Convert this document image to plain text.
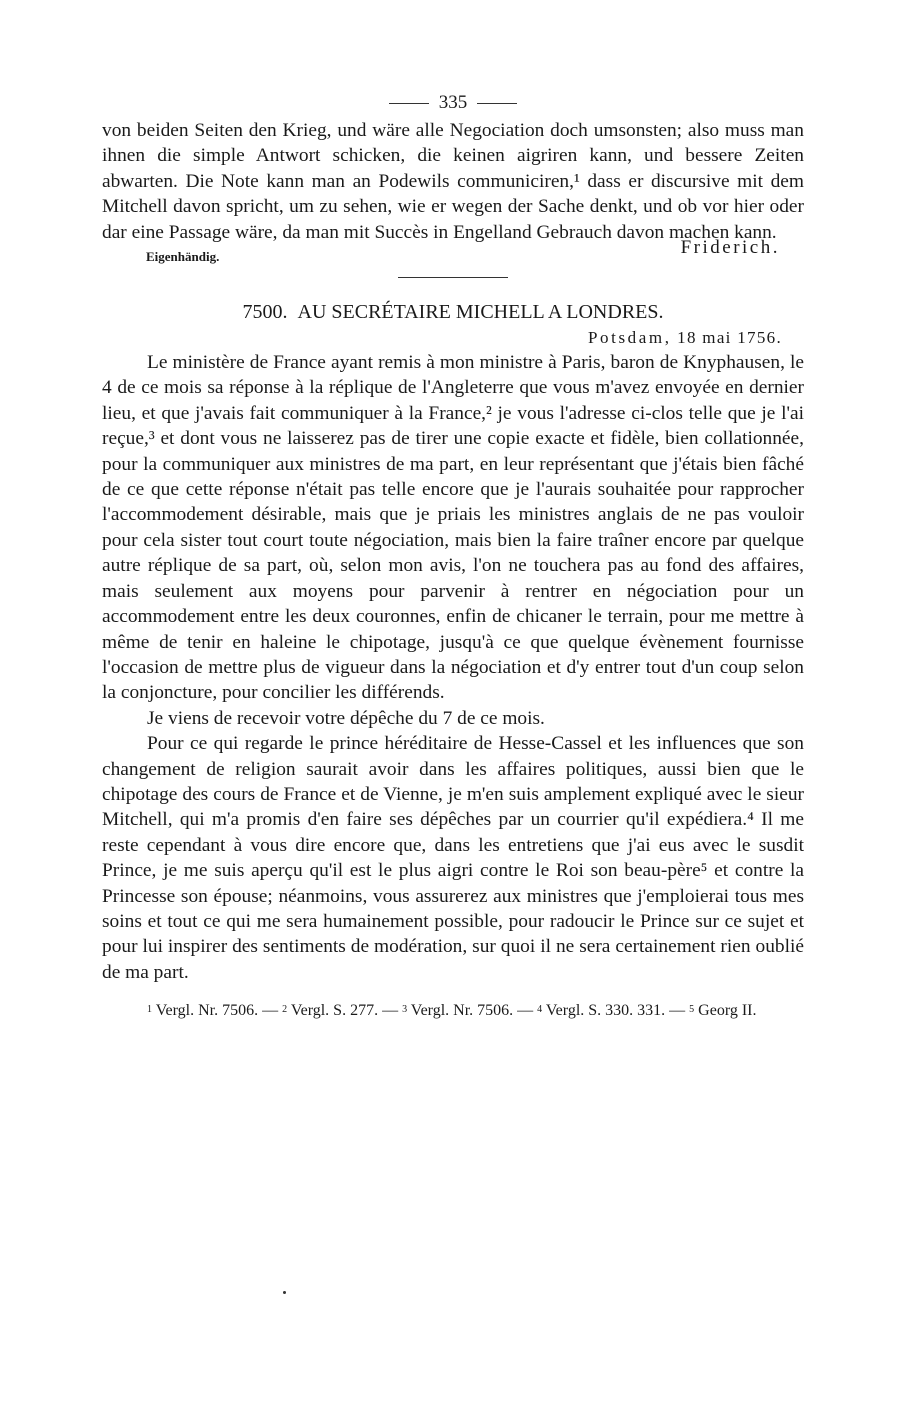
335

von beiden Seiten den Krieg, und wäre alle Negociation doch umsonsten; also muss man ihnen die simple Antwort schicken, die keinen aigriren kann, und bessere Zeiten abwarten. Die Note kann man an Podewils communiciren,¹ dass er discursive mit dem Mitchell davon spricht, um zu sehen, wie er wegen der Sache denkt, und ob vor hier oder dar eine Passage wäre, da man mit Succès in Engelland Gebrauch davon machen kann.

Eigenhändig.	Friderich.
7500. AU SECRÉTAIRE MICHELL A LONDRES.
Potsdam, 18 mai 1756.

Le ministère de France ayant remis à mon ministre à Paris, baron de Knyphausen, le 4 de ce mois sa réponse à la réplique de l'Angleterre que vous m'avez envoyée en dernier lieu, et que j'avais fait communiquer à la France,² je vous l'adresse ci-clos telle que je l'ai reçue,³ et dont vous ne laisserez pas de tirer une copie exacte et fidèle, bien collationnée, pour la communiquer aux ministres de ma part, en leur représentant que j'étais bien fâché de ce que cette réponse n'était pas telle encore que je l'aurais souhaitée pour rapprocher l'accommodement désirable, mais que je priais les ministres anglais de ne pas vouloir pour cela sister tout court toute négociation, mais bien la faire traîner encore par quelque autre réplique de sa part, où, selon mon avis, l'on ne touchera pas au fond des affaires, mais seulement aux moyens pour parvenir à rentrer en négociation pour un accommodement entre les deux couronnes, enfin de chicaner le terrain, pour me mettre à même de tenir en haleine le chipotage, jusqu'à ce que quelque évènement fournisse l'occasion de mettre plus de vigueur dans la négociation et d'y entrer tout d'un coup selon la conjoncture, pour concilier les différends.

Je viens de recevoir votre dépêche du 7 de ce mois.

Pour ce qui regarde le prince héréditaire de Hesse-Cassel et les influences que son changement de religion saurait avoir dans les affaires politiques, aussi bien que le chipotage des cours de France et de Vienne, je m'en suis amplement expliqué avec le sieur Mitchell, qui m'a promis d'en faire ses dépêches par un courrier qu'il expédiera.⁴ Il me reste cependant à vous dire encore que, dans les entretiens que j'ai eus avec le susdit Prince, je me suis aperçu qu'il est le plus aigri contre le Roi son beau-père⁵ et contre la Princesse son épouse; néanmoins, vous assurerez aux ministres que j'emploierai tous mes soins et tout ce qui me sera humainement possible, pour radoucir le Prince sur ce sujet et pour lui inspirer des sentiments de modération, sur quoi il ne sera certainement rien oublié de ma part.

1 Vergl. Nr. 7506. — 2 Vergl. S. 277. — 3 Vergl. Nr. 7506. — 4 Vergl. S. 330. 331. — 5 Georg II.
